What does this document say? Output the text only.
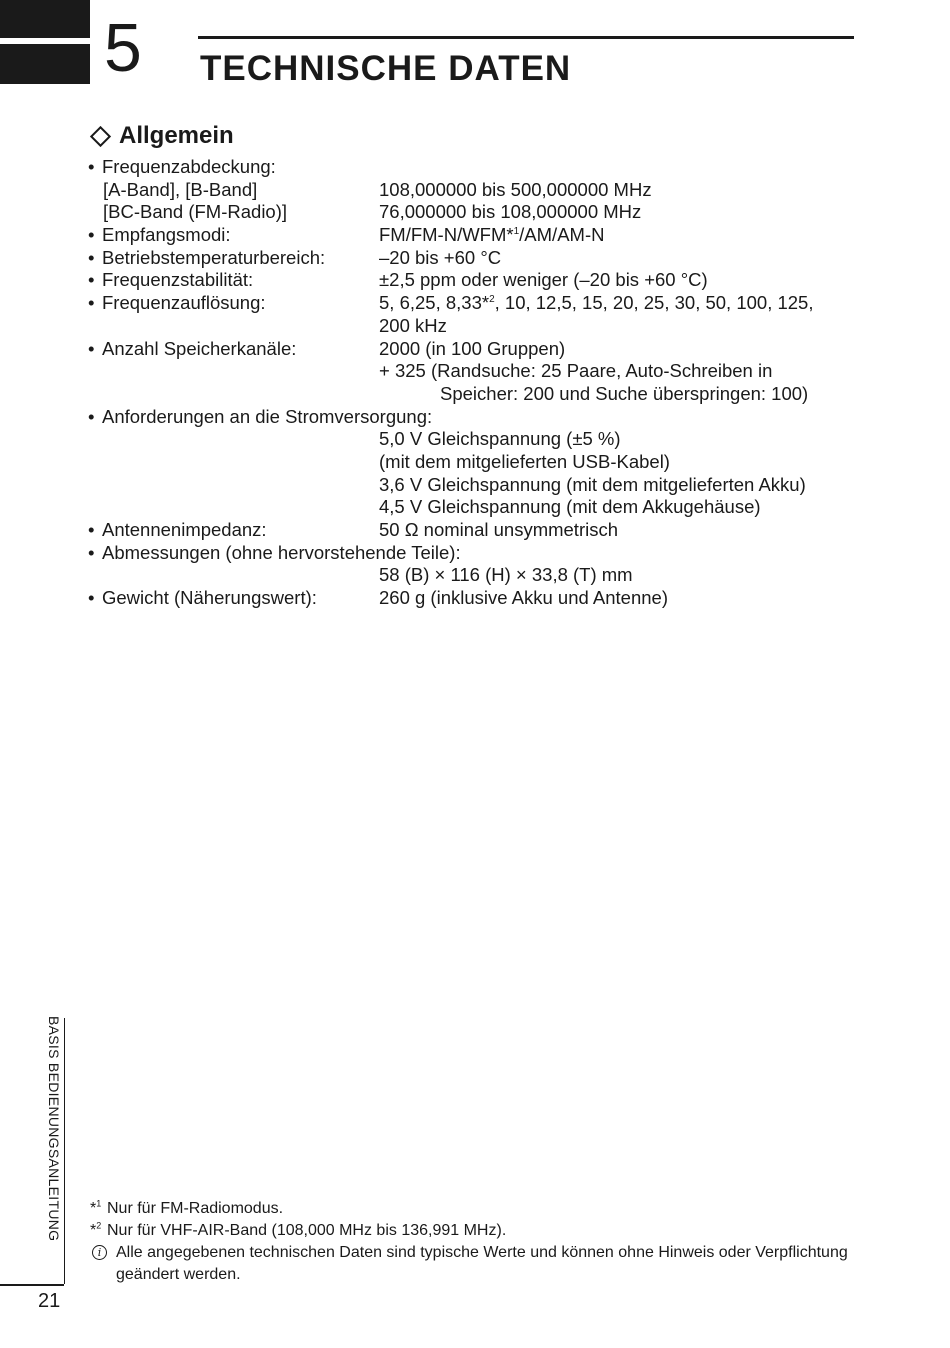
5 TECHNISCHE DATEN
Allgemein
• Frequenzabdeckung:
[A-Band], [B-Band]	108,000000 bis 500,000000 MHz
[BC-Band (FM-Radio)]	76,000000 bis 108,000000 MHz
• Empfangsmodi:	FM/FM-N/WFM*$^1$/AM/AM-N
• Betriebstemperaturbereich:	–20 bis +60 °C
• Frequenzstabilität:	±2,5 ppm oder weniger (–20 bis +60 °C)
• Frequenzauflösung:	5, 6,25, 8,33*$^2$, 10, 12,5, 15, 20, 25, 30, 50, 100, 125,
200 kHz
• Anzahl Speicherkanäle:	2000 (in 100 Gruppen)
+ 325 (Randsuche: 25 Paare, Auto-Schreiben in
Speicher: 200 und Suche überspringen: 100)
• Anforderungen an die Stromversorgung:
5,0 V Gleichspannung (±5 %)
(mit dem mitgelieferten USB-Kabel)
3,6 V Gleichspannung (mit dem mitgelieferten Akku)
4,5 V Gleichspannung (mit dem Akkugehäuse)
• Antennenimpedanz:	50 Ω nominal unsymmetrisch
• Abmessungen (ohne hervorstehende Teile):
58 (B) × 116 (H) × 33,8 (T) mm
• Gewicht (Näherungswert):	260 g (inklusive Akku und Antenne)
*$^1$ Nur für FM-Radiomodus.
*$^2$ Nur für VHF-AIR-Band (108,000 MHz bis 136,991 MHz).
i Alle angegebenen technischen Daten sind typische Werte und können ohne Hinweis oder Verpflichtung geändert werden.
BASIS BEDIENUNGSANLEITUNG
21
